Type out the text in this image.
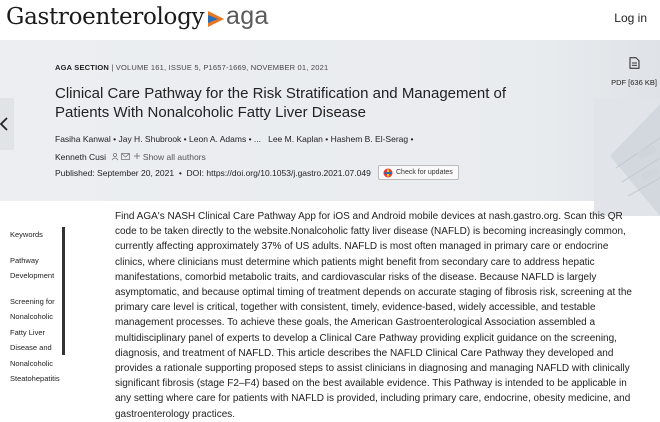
Gastroenterology aga	Log in
AGA SECTION | VOLUME 161, ISSUE 5, P1657-1669, NOVEMBER 01, 2021
Clinical Care Pathway for the Risk Stratification and Management of Patients With Nonalcoholic Fatty Liver Disease
Fasiha Kanwal • Jay H. Shubrook • Leon A. Adams • ... Lee M. Kaplan • Hashem B. El-Serag •
Kenneth Cusi	Show all authors
Published: September 20, 2021  •  DOI: https://doi.org/10.1053/j.gastro.2021.07.049	Check for updates
PDF [636 KB]
Keywords
Pathway Development
Screening for Nonalcoholic Fatty Liver Disease and Nonalcoholic Steatohepatitis
Find AGA's NASH Clinical Care Pathway App for iOS and Android mobile devices at nash.gastro.org. Scan this QR code to be taken directly to the website.Nonalcoholic fatty liver disease (NAFLD) is becoming increasingly common, currently affecting approximately 37% of US adults. NAFLD is most often managed in primary care or endocrine clinics, where clinicians must determine which patients might benefit from secondary care to address hepatic manifestations, comorbid metabolic traits, and cardiovascular risks of the disease. Because NAFLD is largely asymptomatic, and because optimal timing of treatment depends on accurate staging of fibrosis risk, screening at the primary care level is critical, together with consistent, timely, evidence-based, widely accessible, and testable management processes. To achieve these goals, the American Gastroenterological Association assembled a multidisciplinary panel of experts to develop a Clinical Care Pathway providing explicit guidance on the screening, diagnosis, and treatment of NAFLD. This article describes the NAFLD Clinical Care Pathway they developed and provides a rationale supporting proposed steps to assist clinicians in diagnosing and managing NAFLD with clinically significant fibrosis (stage F2–F4) based on the best available evidence. This Pathway is intended to be applicable in any setting where care for patients with NAFLD is provided, including primary care, endocrine, obesity medicine, and gastroenterology practices.
